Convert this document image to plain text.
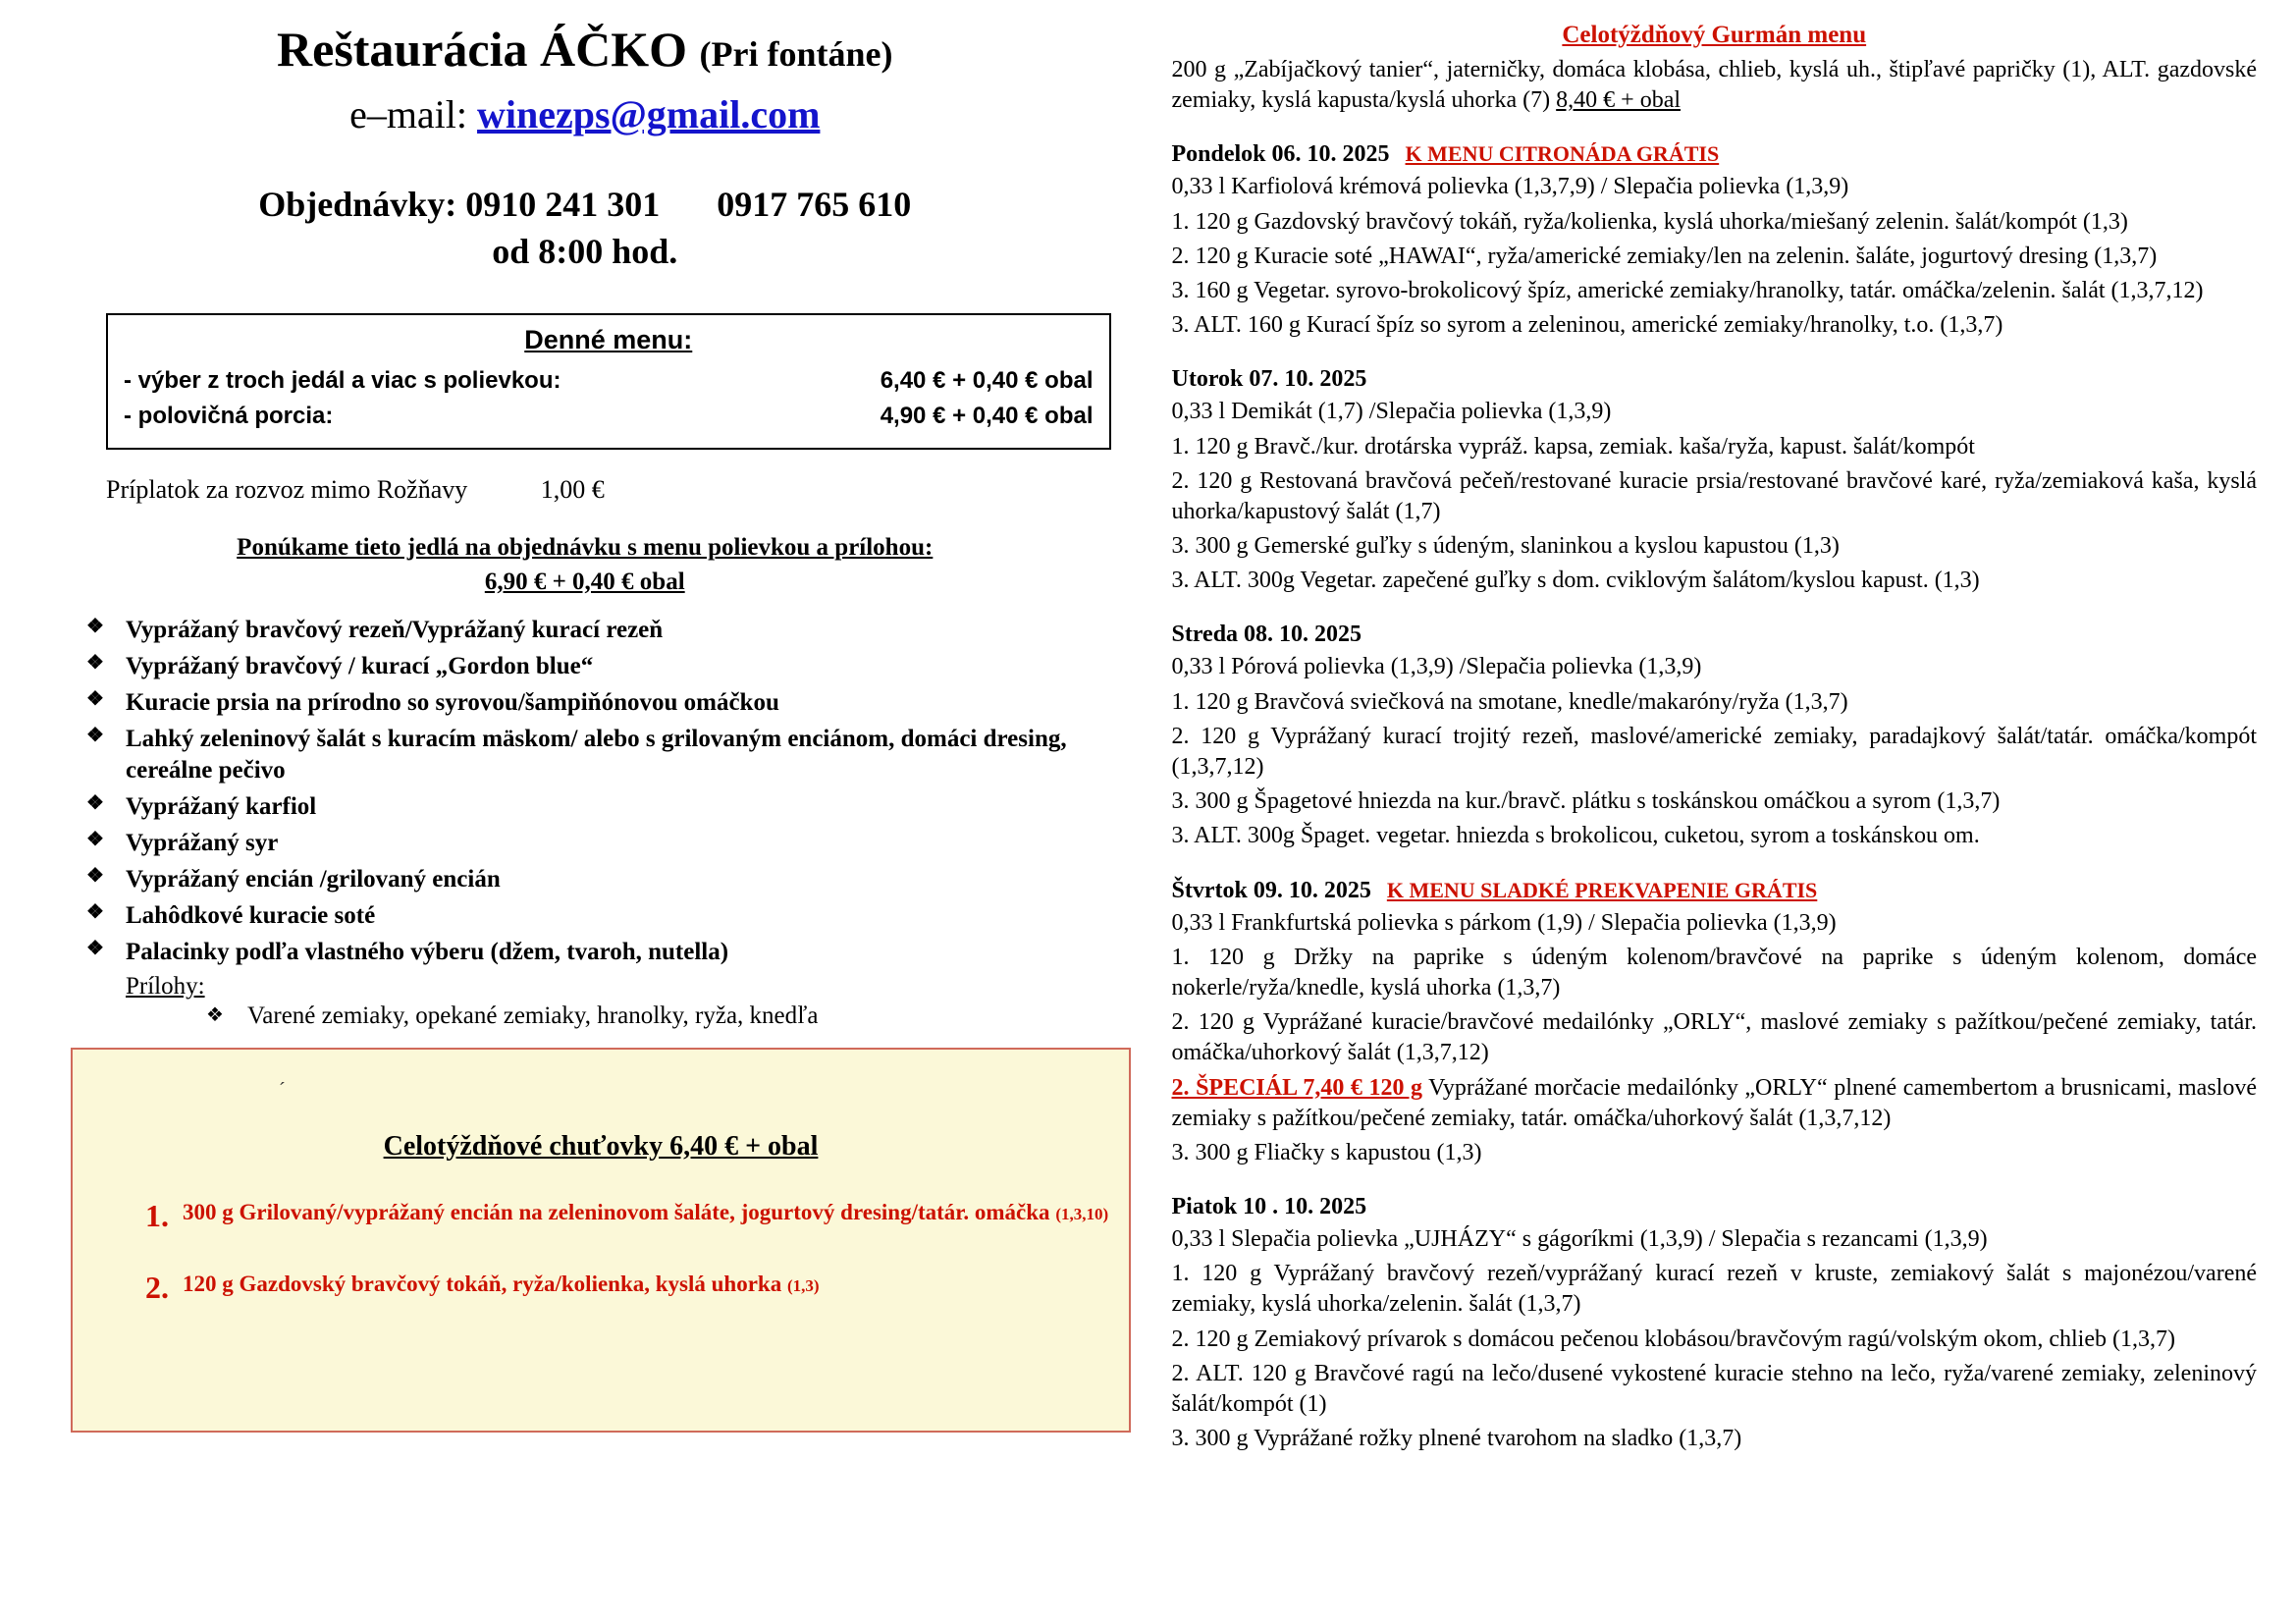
Reštaurácia ÁČKO (Pri fontáne)
e–mail: winezps@gmail.com
Objednávky: 0910 241 301 0917 765 610
od 8:00 hod.
Denné menu:
- výber z troch jedál a viac s polievkou:	6,40 € + 0,40 € obal
- polovičná porcia:	4,90 € + 0,40 € obal
Príplatok za rozvoz mimo Rožňavy	1,00 €
Ponúkame tieto jedlá na objednávku s menu polievkou a prílohou:
6,90 € + 0,40 € obal
❖ Vyprážaný bravčový rezeň/Vyprážaný kurací rezeň
❖ Vyprážaný bravčový / kurací „Gordon blue“
❖ Kuracie prsia na prírodno so syrovou/šampiňónovou omáčkou
❖ Lahký zeleninový šalát s kuracím mäskom/ alebo s grilovaným enciánom, domáci dresing, cereálne pečivo
❖ Vyprážaný karfiol
❖ Vyprážaný syr
❖ Vyprážaný encián /grilovaný encián
❖ Lahôdkové kuracie soté
❖ Palacinky podľa vlastného výberu (džem, tvaroh, nutella)
Prílohy:
❖ Varené zemiaky, opekané zemiaky, hranolky, ryža, knedľa
´
Celotýždňové chuťovky 6,40 € + obal
1. 300 g Grilovaný/vyprážaný encián na zeleninovom šaláte, jogurtový dresing/tatár. omáčka (1,3,10)
2. 120 g Gazdovský bravčový tokáň, ryža/kolienka, kyslá uhorka (1,3)
Celotýždňový Gurmán menu
200 g „Zabíjačkový tanier“, jaterničky, domáca klobása, chlieb, kyslá uh., štipľavé papričky (1), ALT. gazdovské zemiaky, kyslá kapusta/kyslá uhorka (7) 8,40 € + obal
Pondelok 06. 10. 2025 K MENU CITRONÁDA GRÁTIS
0,33 l Karfiolová krémová polievka (1,3,7,9) / Slepačia polievka (1,3,9)
1. 120 g Gazdovský bravčový tokáň, ryža/kolienka, kyslá uhorka/miešaný zelenin. šalát/kompót (1,3)
2. 120 g Kuracie soté „HAWAI“, ryža/americké zemiaky/len na zelenin. šaláte, jogurtový dresing (1,3,7)
3. 160 g Vegetar. syrovo-brokolicový špíz, americké zemiaky/hranolky, tatár. omáčka/zelenin. šalát (1,3,7,12)
3. ALT. 160 g Kurací špíz so syrom a zeleninou, americké zemiaky/hranolky, t.o. (1,3,7)
Utorok 07. 10. 2025
0,33 l Demikát (1,7) /Slepačia polievka (1,3,9)
1. 120 g Bravč./kur. drotárska vypráž. kapsa, zemiak. kaša/ryža, kapust. šalát/kompót
2. 120 g Restovaná bravčová pečeň/restované kuracie prsia/restované bravčové karé, ryža/zemiaková kaša, kyslá uhorka/kapustový šalát (1,7)
3. 300 g Gemerské guľky s údeným, slaninkou a kyslou kapustou (1,3)
3. ALT. 300g Vegetar. zapečené guľky s dom. cviklovým šalátom/kyslou kapust. (1,3)
Streda 08. 10. 2025
0,33 l Pórová polievka (1,3,9) /Slepačia polievka (1,3,9)
1. 120 g Bravčová sviečková na smotane, knedle/makaróny/ryža (1,3,7)
2. 120 g Vyprážaný kurací trojitý rezeň, maslové/americké zemiaky, paradajkový šalát/tatár. omáčka/kompót (1,3,7,12)
3. 300 g Špagetové hniezda na kur./bravč. plátku s toskánskou omáčkou a syrom (1,3,7)
3. ALT. 300g Špaget. vegetar. hniezda s brokolicou, cuketou, syrom a toskánskou om.
Štvrtok 09. 10. 2025 K MENU SLADKÉ PREKVAPENIE GRÁTIS
0,33 l Frankfurtská polievka s párkom (1,9) / Slepačia polievka (1,3,9)
1. 120 g Držky na paprike s údeným kolenom/bravčové na paprike s údeným kolenom, domáce nokerle/ryža/knedle, kyslá uhorka (1,3,7)
2. 120 g Vyprážané kuracie/bravčové medailónky „ORLY“, maslové zemiaky s pažítkou/pečené zemiaky, tatár. omáčka/uhorkový šalát (1,3,7,12)
2. ŠPECIÁL 7,40 € 120 g Vyprážané morčacie medailónky „ORLY“ plnené camembertom a brusnicami, maslové zemiaky s pažítkou/pečené zemiaky, tatár. omáčka/uhorkový šalát (1,3,7,12)
3. 300 g Fliačky s kapustou (1,3)
Piatok 10 . 10. 2025
0,33 l Slepačia polievka „UJHÁZY“ s gágoríkmi (1,3,9) / Slepačia s rezancami (1,3,9)
1. 120 g Vyprážaný bravčový rezeň/vyprážaný kurací rezeň v kruste, zemiakový šalát s majonézou/varené zemiaky, kyslá uhorka/zelenin. šalát (1,3,7)
2. 120 g Zemiakový prívarok s domácou pečenou klobásou/bravčovým ragú/volským okom, chlieb (1,3,7)
2. ALT. 120 g Bravčové ragú na lečo/dusené vykostené kuracie stehno na lečo, ryža/varené zemiaky, zeleninový šalát/kompót (1)
3. 300 g Vyprážané rožky plnené tvarohom na sladko (1,3,7)
